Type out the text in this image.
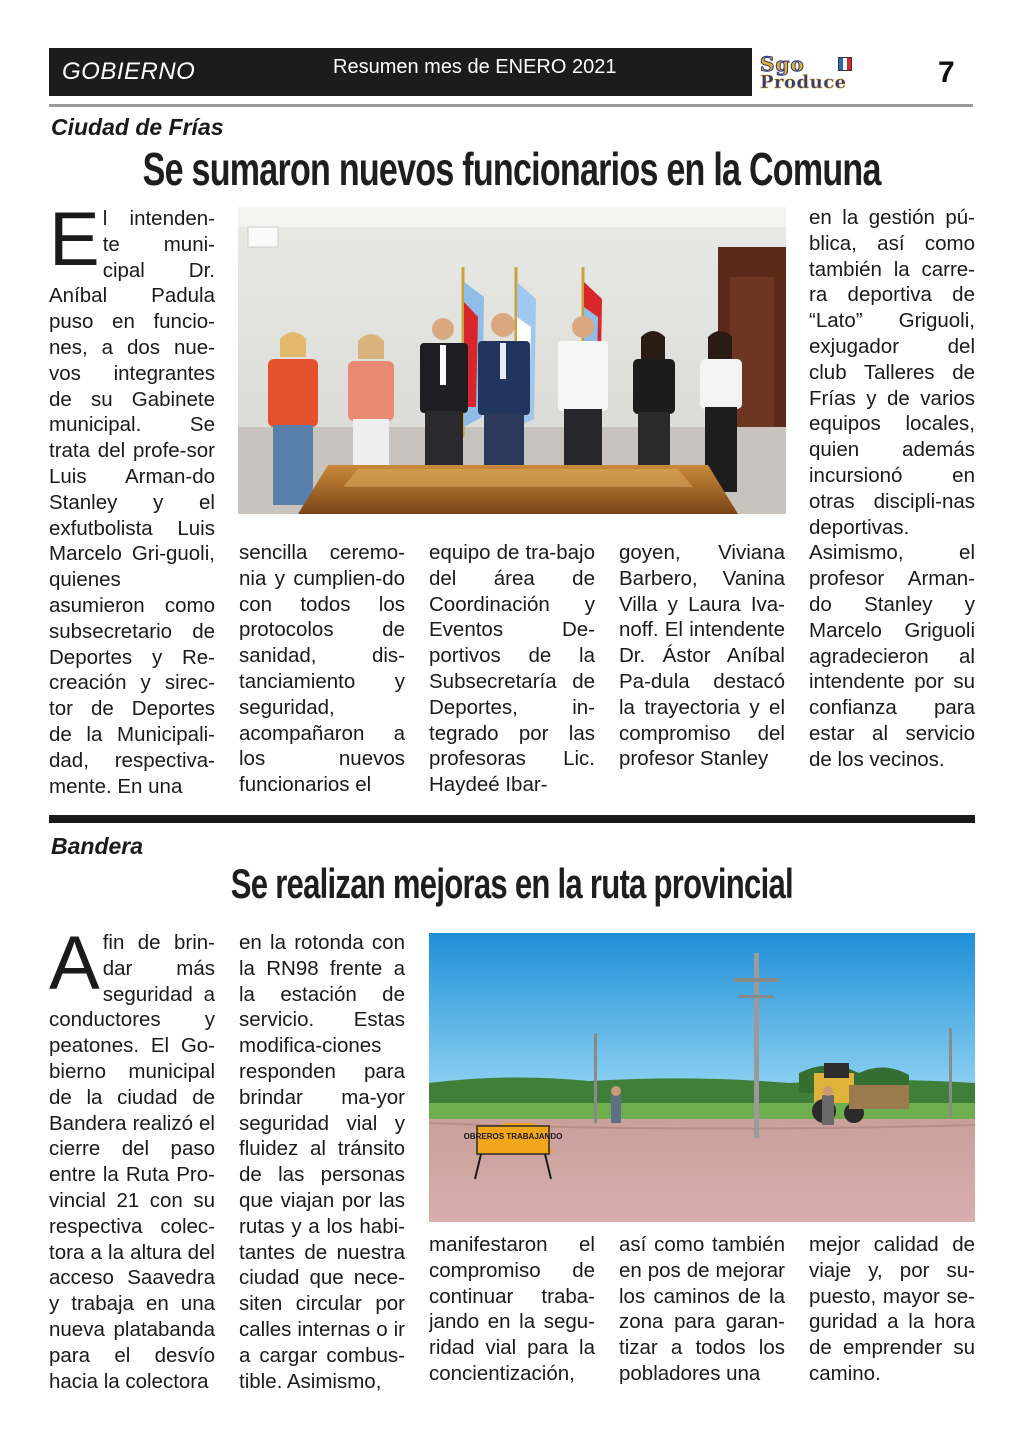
GOBIERNO	Resumen mes de ENERO 2021	Sgo
Produce	7
Ciudad de Frías
Se sumaron nuevos funcionarios en la Comuna
E l intenden-te muni-cipal Dr. Aníbal Padula puso en funcio-nes, a dos nue-vos integrantes de su Gabinete municipal. Se trata del profe-sor Luis Arman-do Stanley y el exfutbolista Luis Marcelo Gri-guoli, quienes asumieron como subsecretario de Deportes y Re-creación y sirec-tor de Deportes de la Municipali-dad, respectiva-mente. En una
sencilla ceremo-nia y cumplien-do con todos los protocolos de sanidad, dis-tanciamiento y seguridad, acompañaron a los nuevos funcionarios el
equipo de tra-bajo del área de Coordinación y Eventos De-portivos de la Subsecretaría de Deportes, in-tegrado por las profesoras Lic. Haydeé Ibar-
goyen, Viviana Barbero, Vanina Villa y Laura Iva-noff. El intendente Dr. Ástor Aníbal Pa-dula destacó la trayectoria y el compromiso del profesor Stanley
en la gestión pú-blica, así como también la carre-ra deportiva de “Lato” Griguoli, exjugador del club Talleres de Frías y de varios equipos locales, quien además incursionó en otras discipli-nas deportivas. Asimismo, el profesor Arman-do Stanley y Marcelo Griguoli agradecieron al intendente por su confianza para estar al servicio de los vecinos.
Bandera
Se realizan mejoras en la ruta provincial
A fin de brin-dar más seguridad a conductores y peatones. El Go-bierno municipal de la ciudad de Bandera realizó el cierre del paso entre la Ruta Pro-vincial 21 con su respectiva colec-tora a la altura del acceso Saavedra y trabaja en una nueva platabanda para el desvío hacia la colectora
en la rotonda con la RN98 frente a la estación de servicio. Estas modifica-ciones responden para brindar ma-yor seguridad vial y fluidez al tránsito de las personas que viajan por las rutas y a los habi-tantes de nuestra ciudad que nece-siten circular por calles internas o ir a cargar combus-tible. Asimismo,
OBREROS TRABAJANDO
manifestaron el compromiso de continuar traba-jando en la segu-ridad vial para la concientización,
así como también en pos de mejorar los caminos de la zona para garan-tizar a todos los pobladores una
mejor calidad de viaje y, por su-puesto, mayor se-guridad a la hora de emprender su camino.
